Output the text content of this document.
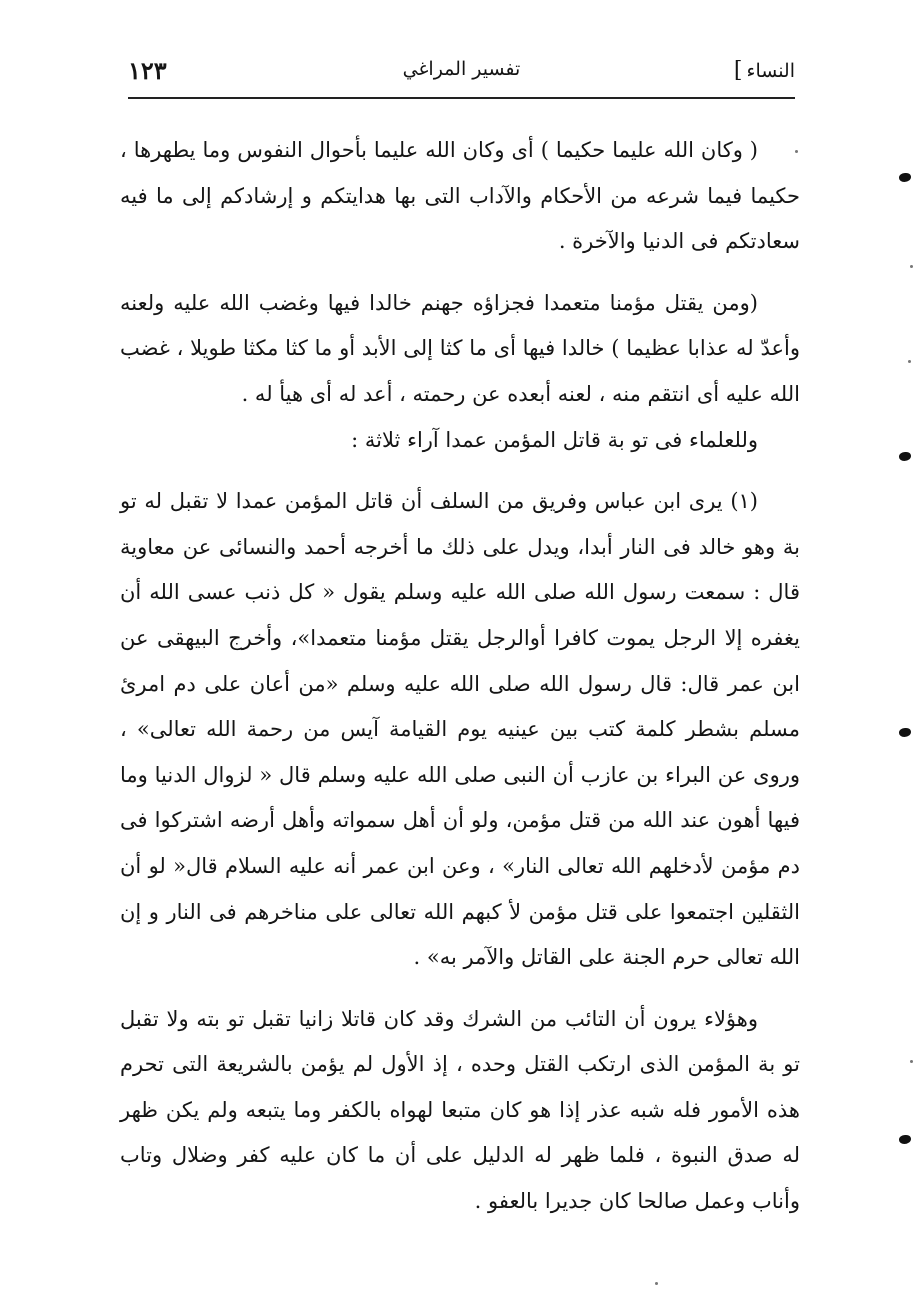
النساء]
تفسير المراغي
١٢٣

( وكان الله عليما حكيما ) أى وكان الله عليما بأحوال النفوس وما يطهرها ، حكيما فيما شرعه من الأحكام والآداب التى بها هدايتكم و إرشادكم إلى ما فيه سعادتكم فى الدنيا والآخرة .

(ومن يقتل مؤمنا متعمدا فجزاؤه جهنم خالدا فيها وغضب الله عليه ولعنه وأعدّ له عذابا عظيما ) خالدا فيها أى ما كثا إلى الأبد أو ما كثا مكثا طويلا ، غضب الله عليه أى انتقم منه ، لعنه أبعده عن رحمته ، أعد له أى هيأ له .

وللعلماء فى تو بة قاتل المؤمن عمدا آراء ثلاثة :

(١) يرى ابن عباس وفريق من السلف أن قاتل المؤمن عمدا لا تقبل له تو بة وهو خالد فى النار أبدا، ويدل على ذلك ما أخرجه أحمد والنسائى عن معاوية قال : سمعت رسول الله صلى الله عليه وسلم يقول « كل ذنب عسى الله أن يغفره إلا الرجل يموت كافرا أوالرجل يقتل مؤمنا متعمدا»، وأخرج البيهقى عن ابن عمر قال: قال رسول الله صلى الله عليه وسلم «من أعان على دم امرئ مسلم بشطر كلمة كتب بين عينيه يوم القيامة آيس من رحمة الله تعالى» ، وروى عن البراء بن عازب أن النبى صلى الله عليه وسلم قال « لزوال الدنيا وما فيها أهون عند الله من قتل مؤمن، ولو أن أهل سمواته وأهل أرضه اشتركوا فى دم مؤمن لأدخلهم الله تعالى النار» ، وعن ابن عمر أنه عليه السلام قال« لو أن الثقلين اجتمعوا على قتل مؤمن لأ كبهم الله تعالى على مناخرهم فى النار و إن الله تعالى حرم الجنة على القاتل والآمر به» .

وهؤلاء يرون أن التائب من الشرك وقد كان قاتلا زانيا تقبل تو بته ولا تقبل تو بة المؤمن الذى ارتكب القتل وحده ، إذ الأول لم يؤمن بالشريعة التى تحرم هذه الأمور فله شبه عذر إذا هو كان متبعا لهواه بالكفر وما يتبعه ولم يكن ظهر له صدق النبوة ، فلما ظهر له الدليل على أن ما كان عليه كفر وضلال وتاب وأناب وعمل صالحا كان جديرا بالعفو .
